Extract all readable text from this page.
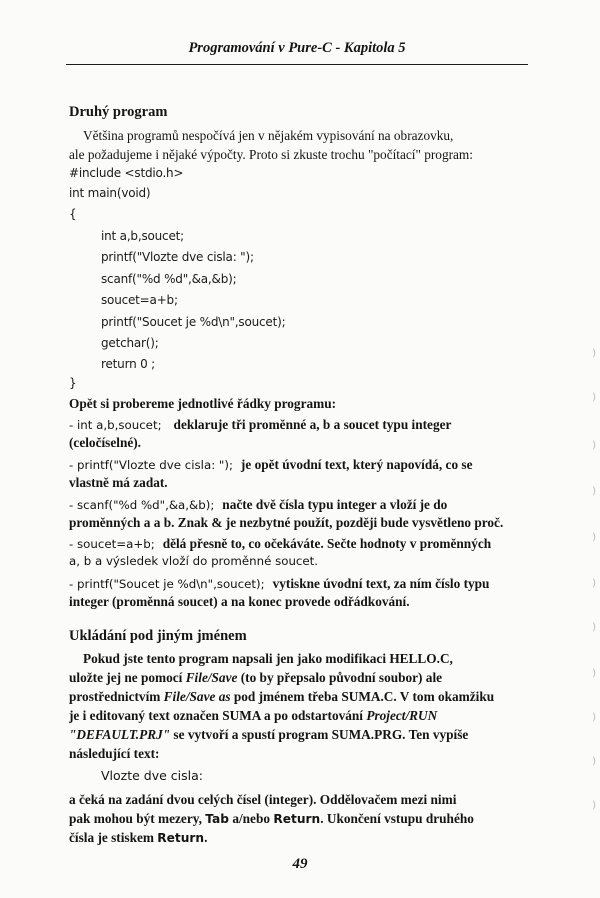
Programování v Pure-C - Kapitola 5
Druhý program
Většina programů nespočívá jen v nějakém vypisování na obrazovku,
ale požadujeme i nějaké výpočty. Proto si zkuste trochu "počítací" program:
#include <stdio.h>
int main(void)
{
int a,b,soucet;
printf("Vlozte dve cisla: ");
scanf("%d %d",&a,&b);
soucet=a+b;
printf("Soucet je %d\n",soucet);
getchar();
return 0 ;
}
Opět si probereme jednotlivé řádky programu:
- int a,b,soucet; deklaruje tři proměnné a, b a soucet typu integer
(celočíselné).
- printf("Vlozte dve cisla: "); je opět úvodní text, který napovídá, co se
vlastně má zadat.
- scanf("%d %d",&a,&b); načte dvě čísla typu integer a vloží je do
proměnných a a b. Znak & je nezbytné použít, později bude vysvětleno proč.
- soucet=a+b; dělá přesně to, co očekáváte. Sečte hodnoty v proměnných
a, b a výsledek vloží do proměnné soucet.
- printf("Soucet je %d\n",soucet); vytiskne úvodní text, za ním číslo typu
integer (proměnná soucet) a na konec provede odřádkování.
Ukládání pod jiným jménem
Pokud jste tento program napsali jen jako modifikaci HELLO.C,
uložte jej ne pomocí File/Save (to by přepsalo původní soubor) ale
prostřednictvím File/Save as pod jménem třeba SUMA.C. V tom okamžiku
je i editovaný text označen SUMA a po odstartování Project/RUN
"DEFAULT.PRJ" se vytvoří a spustí program SUMA.PRG. Ten vypíše
následující text:
Vlozte dve cisla:
a čeká na zadání dvou celých čísel (integer). Oddělovačem mezi nimi
pak mohou být mezery, Tab a/nebo Return. Ukončení vstupu druhého
čísla je stiskem Return.
49
)
)
)
)
)
)
)
)
)
)
)
